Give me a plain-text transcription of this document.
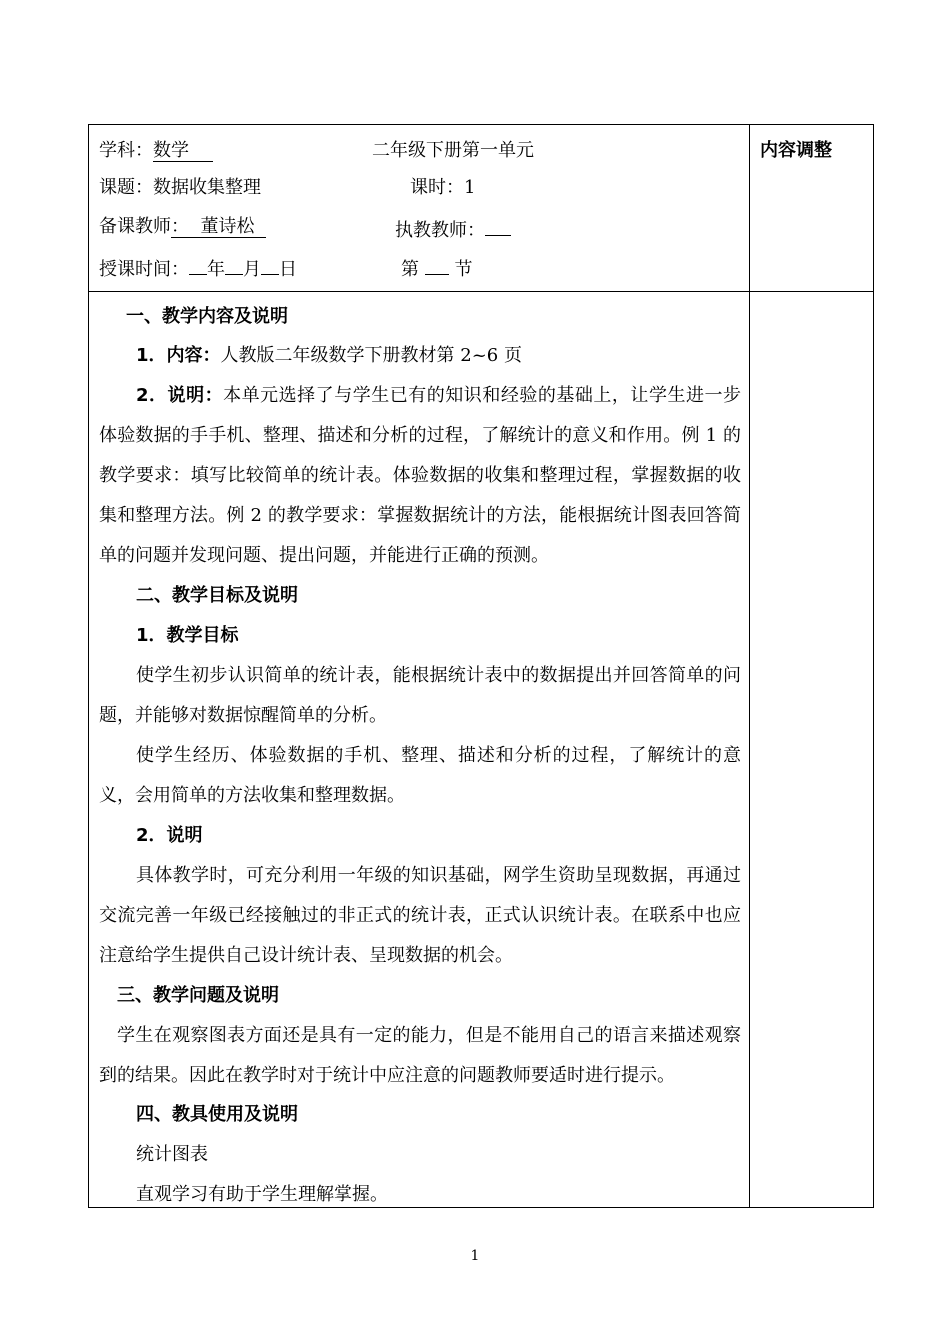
学科：数学	二年级下册第一单元	内容调整
课题：数据收集整理	课时：1
备课教师：  董诗松	执教教师：
授课时间： 年 月 日	第 节
一、教学内容及说明
1．内容：人教版二年级数学下册教材第 2~6 页
2．说明：本单元选择了与学生已有的知识和经验的基础上，让学生进一步体验数据的手手机、整理、描述和分析的过程，了解统计的意义和作用。例 1 的教学要求：填写比较简单的统计表。体验数据的收集和整理过程，掌握数据的收集和整理方法。例 2 的教学要求：掌握数据统计的方法，能根据统计图表回答简单的问题并发现问题、提出问题，并能进行正确的预测。
二、教学目标及说明
1．教学目标
使学生初步认识简单的统计表，能根据统计表中的数据提出并回答简单的问题，并能够对数据惊醒简单的分析。
使学生经历、体验数据的手机、整理、描述和分析的过程，了解统计的意义，会用简单的方法收集和整理数据。
2．说明
具体教学时，可充分利用一年级的知识基础，网学生资助呈现数据，再通过交流完善一年级已经接触过的非正式的统计表，正式认识统计表。在联系中也应注意给学生提供自己设计统计表、呈现数据的机会。
三、教学问题及说明
学生在观察图表方面还是具有一定的能力，但是不能用自己的语言来描述观察到的结果。因此在教学时对于统计中应注意的问题教师要适时进行提示。
四、教具使用及说明
统计图表
直观学习有助于学生理解掌握。
1
